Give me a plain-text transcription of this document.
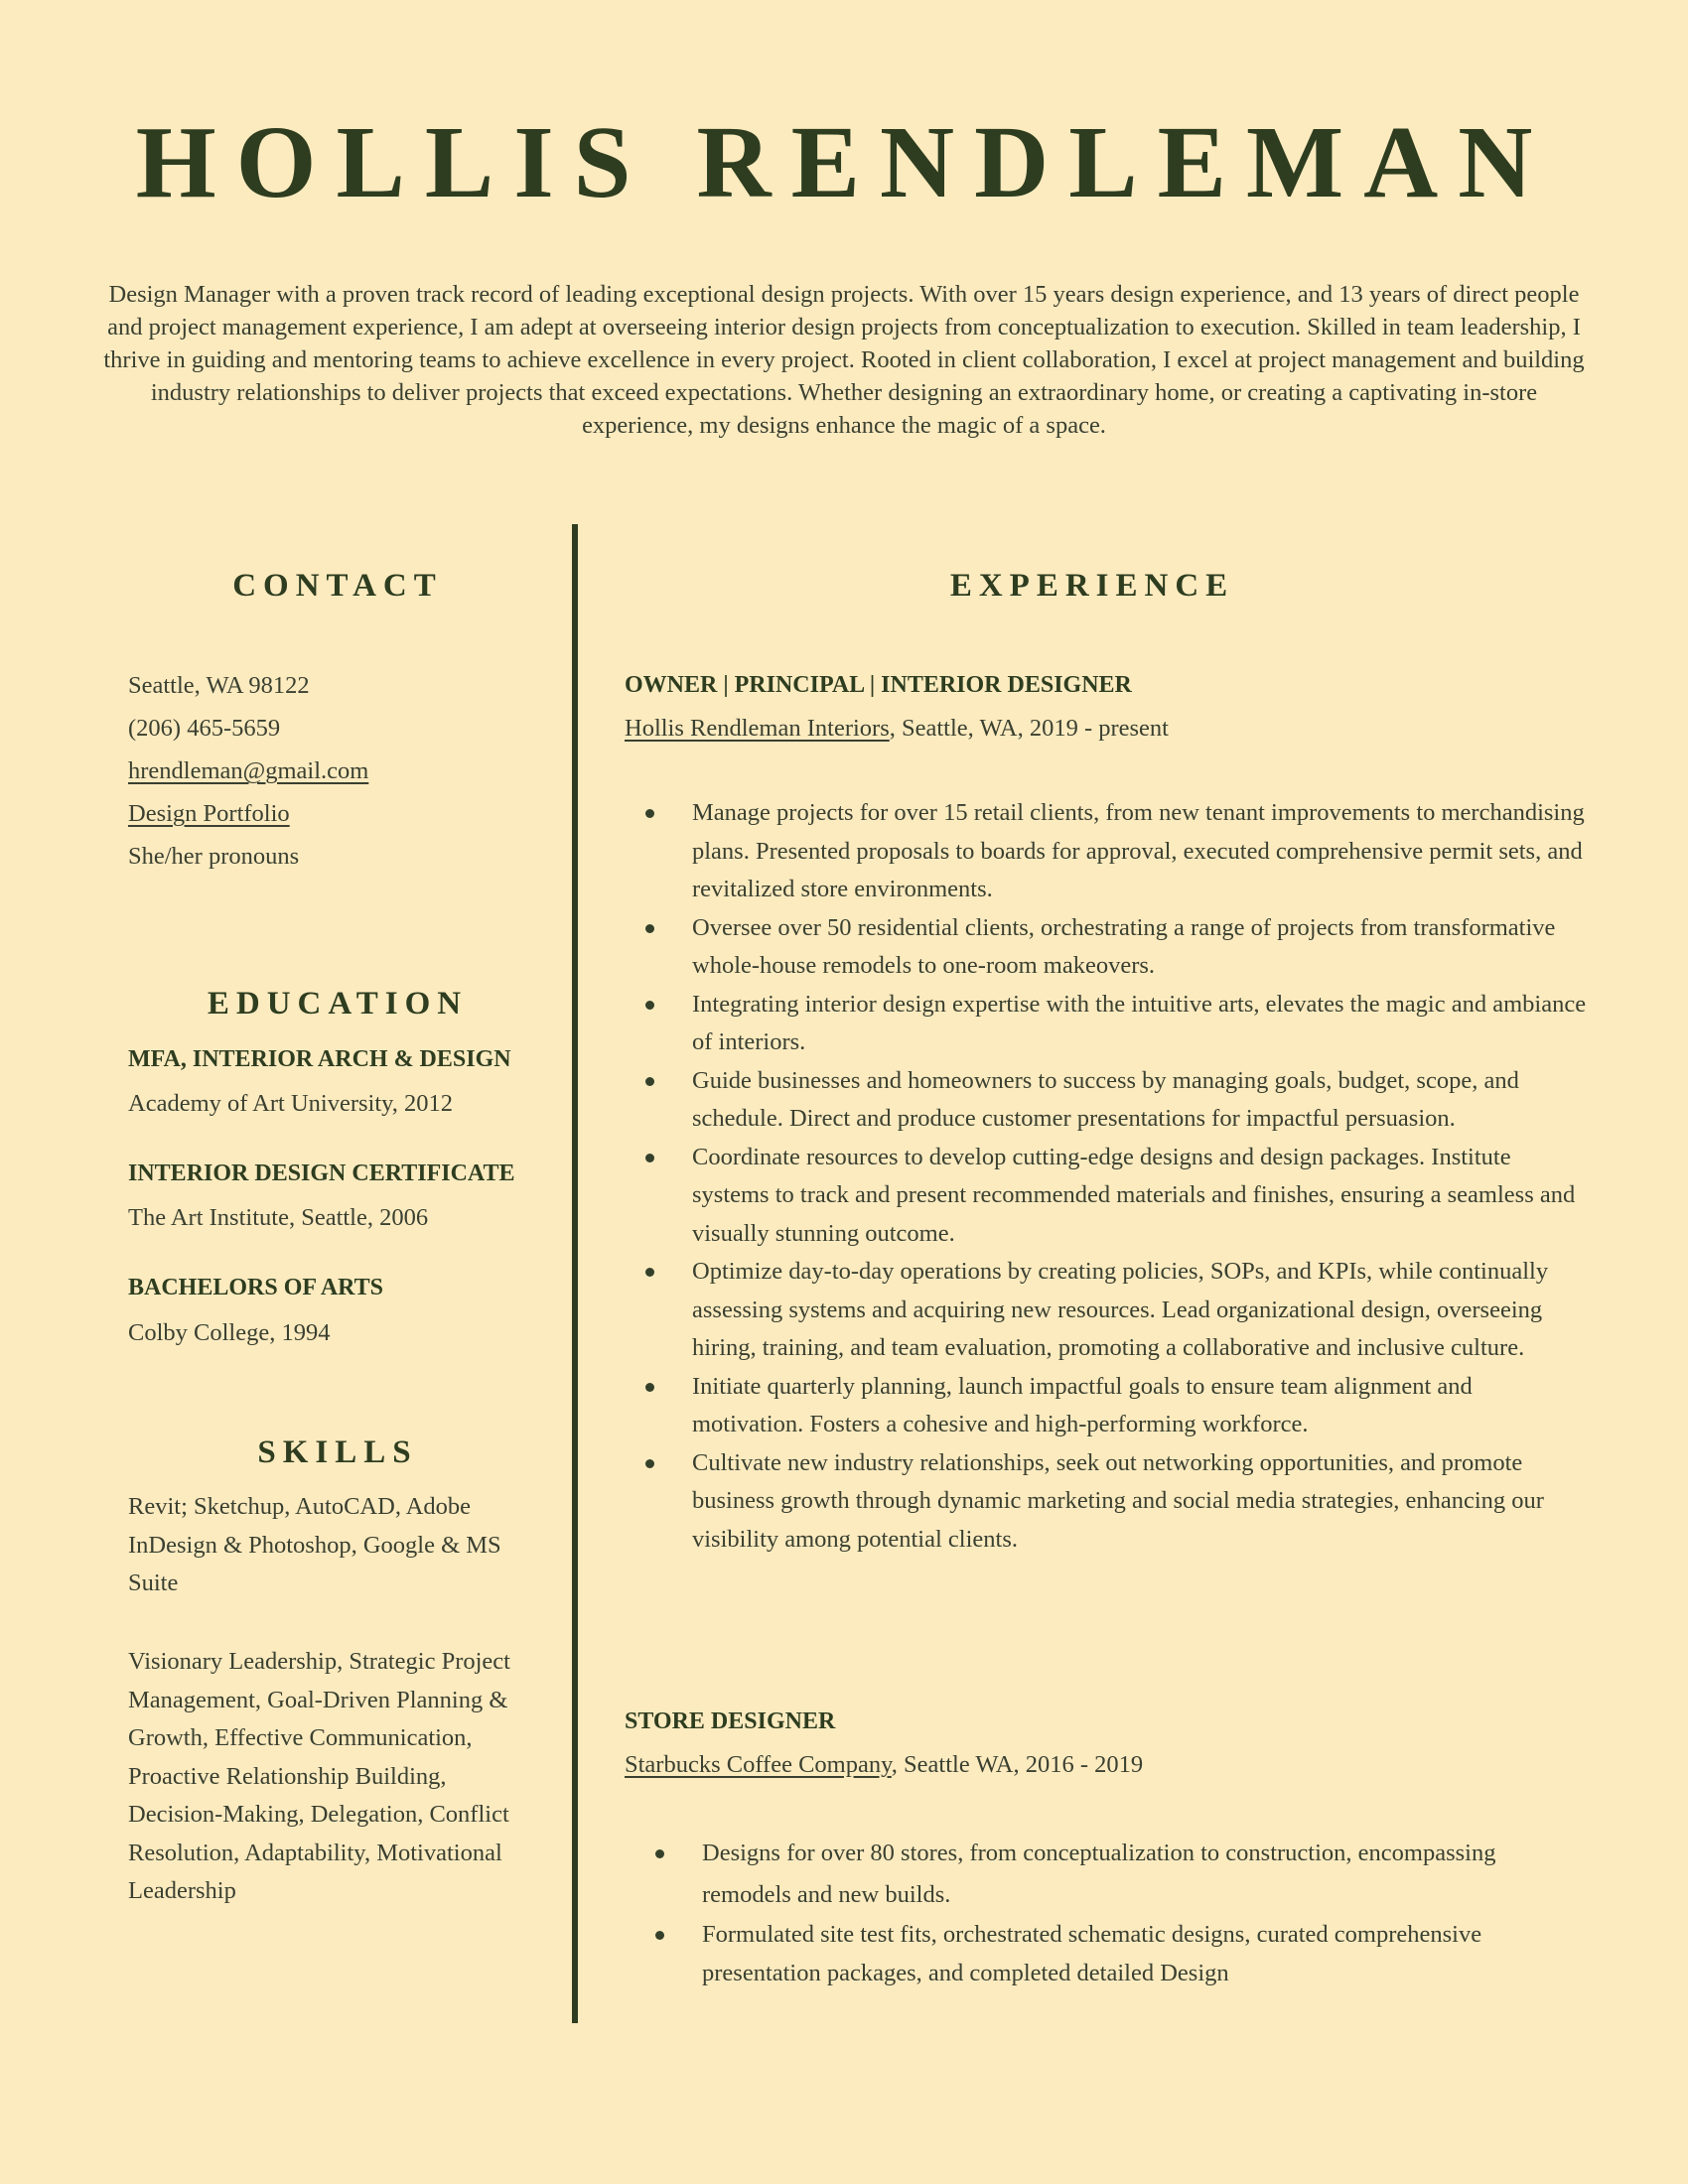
HOLLIS RENDLEMAN
Design Manager with a proven track record of leading exceptional design projects. With over 15 years design experience, and 13 years of direct people and project management experience, I am adept at overseeing interior design projects from conceptualization to execution. Skilled in team leadership, I thrive in guiding and mentoring teams to achieve excellence in every project. Rooted in client collaboration, I excel at project management and building industry relationships to deliver projects that exceed expectations. Whether designing an extraordinary home, or creating a captivating in-store experience, my designs enhance the magic of a space.
CONTACT
Seattle, WA 98122
(206) 465-5659
hrendleman@gmail.com
Design Portfolio
She/her pronouns
EDUCATION
MFA, INTERIOR ARCH & DESIGN
Academy of Art University, 2012
INTERIOR DESIGN CERTIFICATE
The Art Institute, Seattle, 2006
BACHELORS OF ARTS
Colby College, 1994
SKILLS
Revit; Sketchup, AutoCAD, Adobe InDesign & Photoshop, Google & MS Suite
Visionary Leadership, Strategic Project Management, Goal-Driven Planning & Growth, Effective Communication, Proactive Relationship Building, Decision-Making, Delegation, Conflict Resolution, Adaptability, Motivational Leadership
EXPERIENCE
OWNER | PRINCIPAL | INTERIOR DESIGNER
Hollis Rendleman Interiors, Seattle, WA, 2019 - present
Manage projects for over 15 retail clients, from new tenant improvements to merchandising plans. Presented proposals to boards for approval, executed comprehensive permit sets, and revitalized store environments.
Oversee over 50 residential clients, orchestrating a range of projects from transformative whole-house remodels to one-room makeovers.
Integrating interior design expertise with the intuitive arts, elevates the magic and ambiance of interiors.
Guide businesses and homeowners to success by managing goals, budget, scope, and schedule. Direct and produce customer presentations for impactful persuasion.
Coordinate resources to develop cutting-edge designs and design packages. Institute systems to track and present recommended materials and finishes, ensuring a seamless and visually stunning outcome.
Optimize day-to-day operations by creating policies, SOPs, and KPIs, while continually assessing systems and acquiring new resources. Lead organizational design, overseeing hiring, training, and team evaluation, promoting a collaborative and inclusive culture.
Initiate quarterly planning, launch impactful goals to ensure team alignment and motivation. Fosters a cohesive and high-performing workforce.
Cultivate new industry relationships, seek out networking opportunities, and promote business growth through dynamic marketing and social media strategies, enhancing our visibility among potential clients.
STORE DESIGNER
Starbucks Coffee Company, Seattle WA, 2016 - 2019
Designs for over 80 stores, from conceptualization to construction, encompassing remodels and new builds.
Formulated site test fits, orchestrated schematic designs, curated comprehensive presentation packages, and completed detailed Design
